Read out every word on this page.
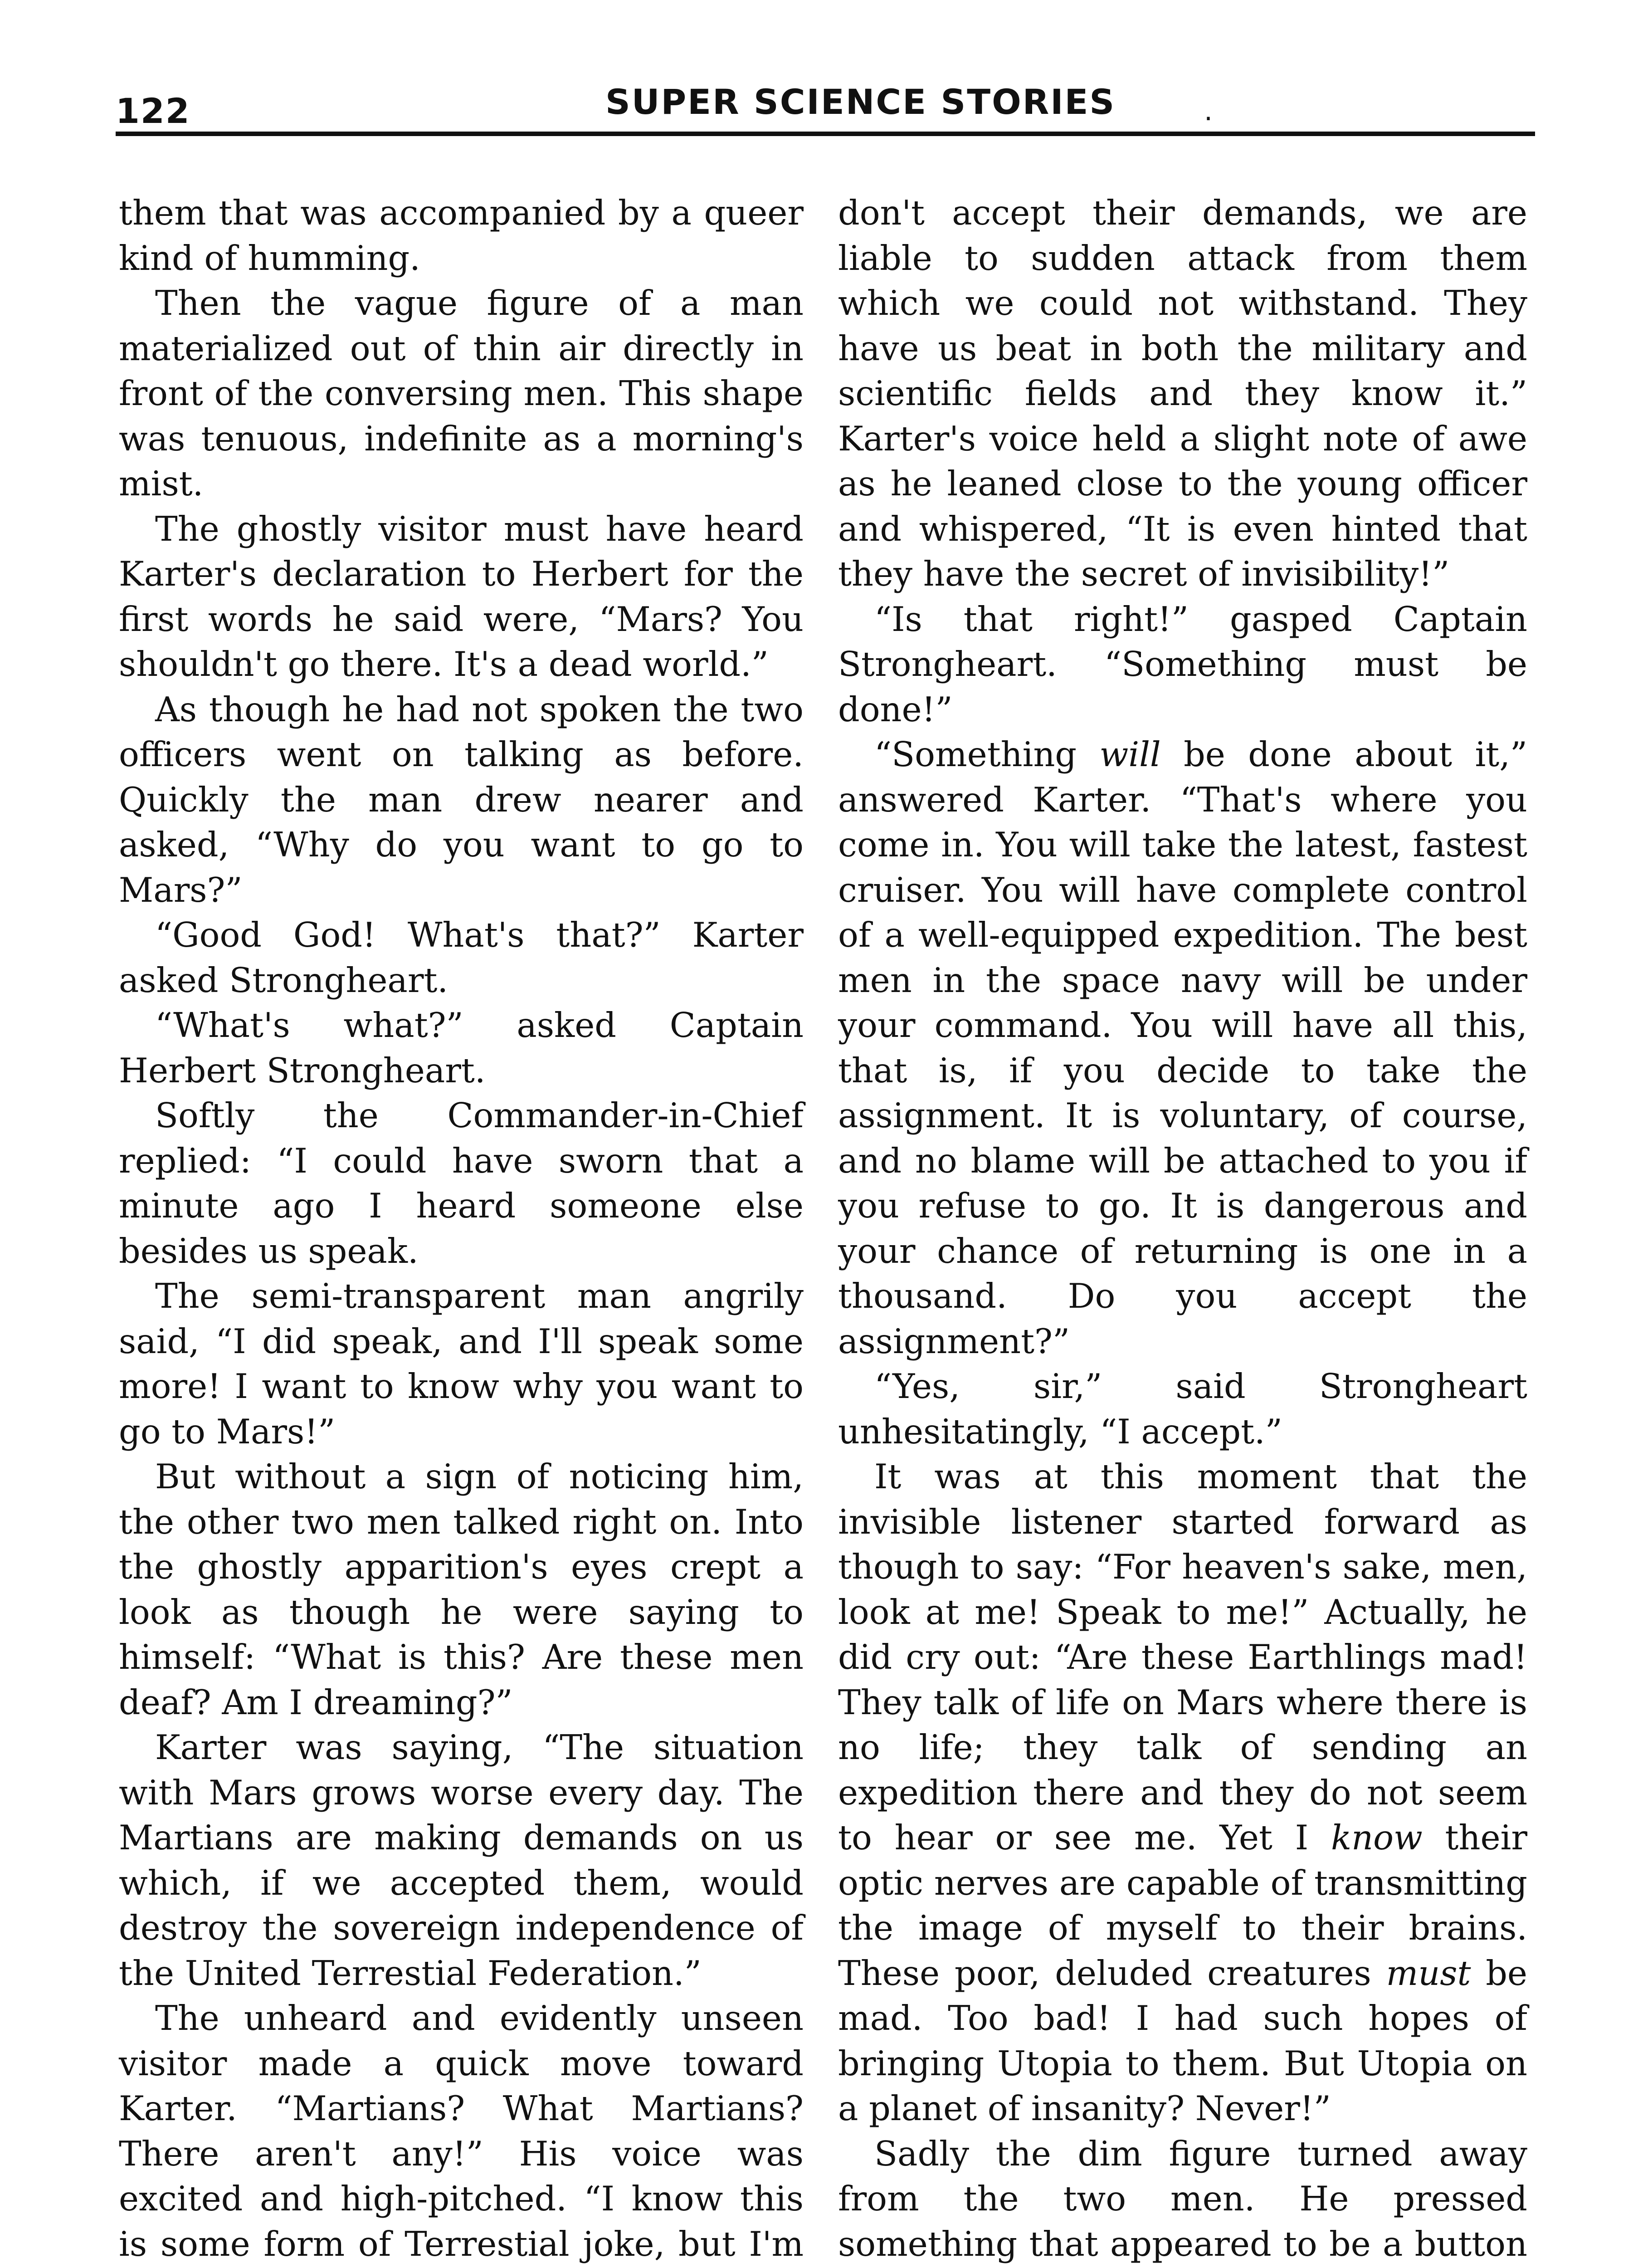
122	SUPER SCIENCE STORIES	.

them that was accompanied by a queer kind of humming.

Then the vague figure of a man materialized out of thin air directly in front of the conversing men. This shape was tenuous, indefinite as a morning's mist.

The ghostly visitor must have heard Karter's declaration to Herbert for the first words he said were, “Mars? You shouldn't go there. It's a dead world.”

As though he had not spoken the two officers went on talking as before. Quickly the man drew nearer and asked, “Why do you want to go to Mars?”

“Good God! What's that?” Karter asked Strongheart.

“What's what?” asked Captain Herbert Strongheart.

Softly the Commander-in-Chief replied: “I could have sworn that a minute ago I heard someone else besides us speak.

The semi-transparent man angrily said, “I did speak, and I'll speak some more! I want to know why you want to go to Mars!”

But without a sign of noticing him, the other two men talked right on. Into the ghostly apparition's eyes crept a look as though he were saying to himself: “What is this? Are these men deaf? Am I dreaming?”

Karter was saying, “The situation with Mars grows worse every day. The Martians are making demands on us which, if we accepted them, would destroy the sovereign independence of the United Terrestial Federation.”

The unheard and evidently unseen visitor made a quick move toward Karter. “Martians? What Martians? There aren't any!” His voice was excited and high-pitched. “I know this is some form of Terrestial joke, but I'm

don't accept their demands, we are liable to sudden attack from them which we could not withstand. They have us beat in both the military and scientific fields and they know it.” Karter's voice held a slight note of awe as he leaned close to the young officer and whispered, “It is even hinted that they have the secret of invisibility!”

“Is that right!” gasped Captain Strongheart. “Something must be done!”

“Something will be done about it,” answered Karter. “That's where you come in. You will take the latest, fastest cruiser. You will have complete control of a well-equipped expedition. The best men in the space navy will be under your command. You will have all this, that is, if you decide to take the assignment. It is voluntary, of course, and no blame will be attached to you if you refuse to go. It is dangerous and your chance of returning is one in a thousand. Do you accept the assignment?”

“Yes, sir,” said Strongheart unhesitatingly, “I accept.”

It was at this moment that the invisible listener started forward as though to say: “For heaven's sake, men, look at me! Speak to me!” Actually, he did cry out: “Are these Earthlings mad! They talk of life on Mars where there is no life; they talk of sending an expedition there and they do not seem to hear or see me. Yet I know their optic nerves are capable of transmitting the image of myself to their brains. These poor, deluded creatures must be mad. Too bad! I had such hopes of bringing Utopia to them. But Utopia on a planet of insanity? Never!”

Sadly the dim figure turned away from the two men. He pressed something that appeared to be a button
